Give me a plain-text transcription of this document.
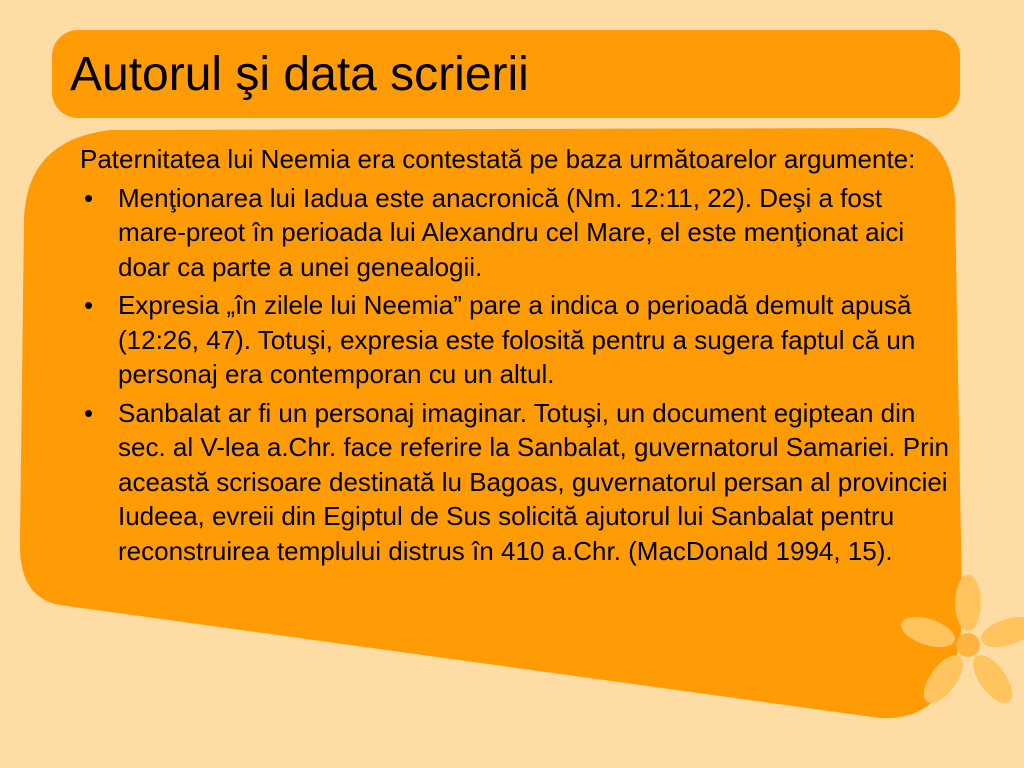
Autorul şi data scrierii

Paternitatea lui Neemia era contestată pe baza următoarelor argumente:

• Menţionarea lui Iadua este anacronică (Nm. 12:11, 22). Deşi a fost mare-preot în perioada lui Alexandru cel Mare, el este menţionat aici doar ca parte a unei genealogii.
• Expresia „în zilele lui Neemia” pare a indica o perioadă demult apusă (12:26, 47). Totuşi, expresia este folosită pentru a sugera faptul că un personaj era contemporan cu un altul.
• Sanbalat ar fi un personaj imaginar. Totuşi, un document egiptean din sec. al V-lea a.Chr. face referire la Sanbalat, guvernatorul Samariei. Prin această scrisoare destinată lu Bagoas, guvernatorul persan al provinciei Iudeea, evreii din Egiptul de Sus solicită ajutorul lui Sanbalat pentru reconstruirea templului distrus în 410 a.Chr. (MacDonald 1994, 15).
